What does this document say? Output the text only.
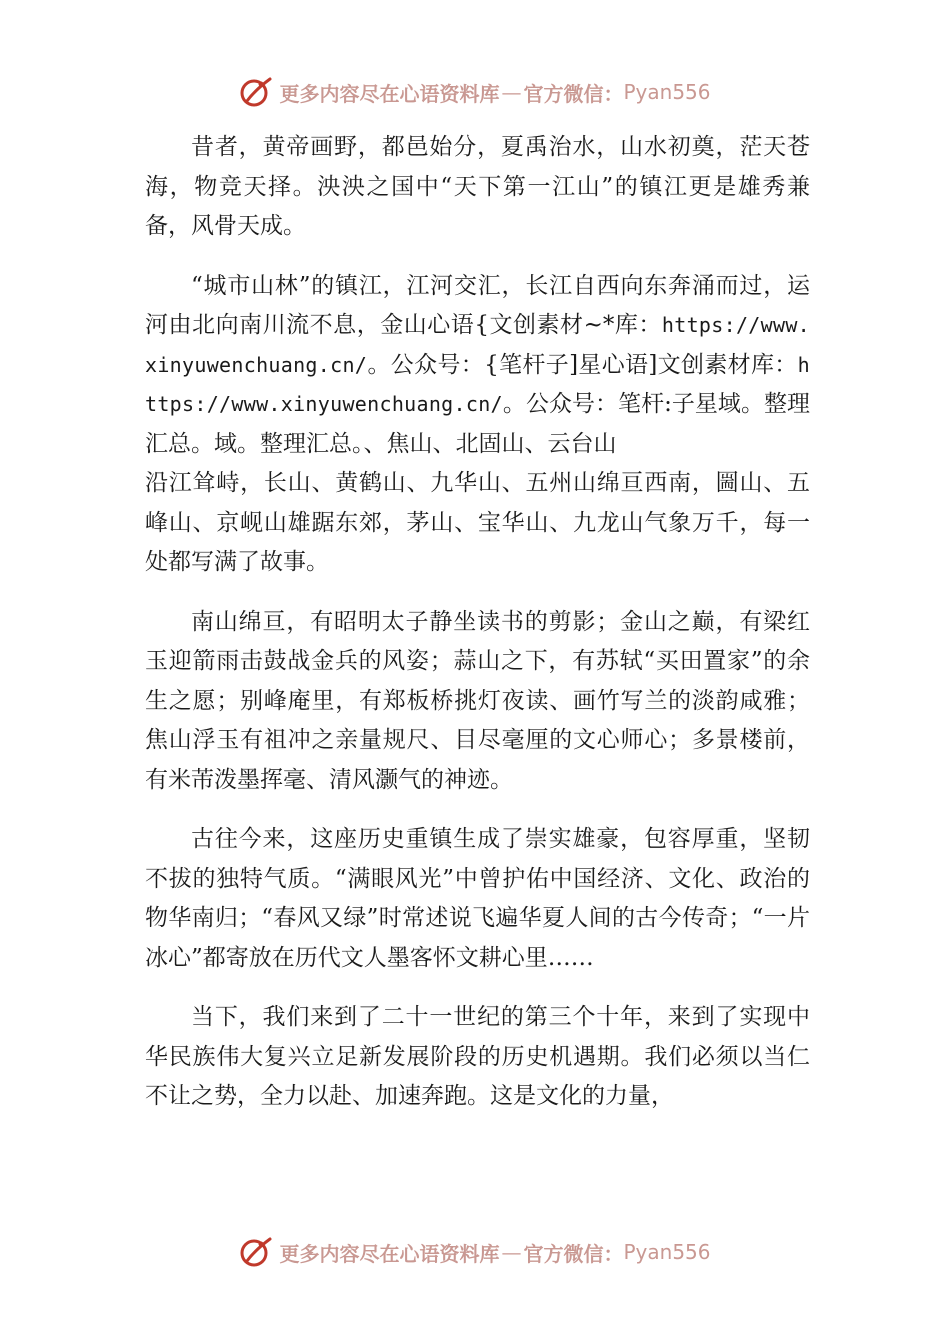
更多内容尽在心语资料库 — 官方微信： Pyan556

昔者，黄帝画野，都邑始分，夏禹治水，山水初奠，茫天苍海，物竞天择。泱泱之国中“天下第一江山”的镇江更是雄秀兼备，风骨天成。

“城市山林”的镇江，江河交汇，长江自西向东奔涌而过，运河由北向南川流不息，金山心语{文创素材~*库：https://www.xinyuwenchuang.cn/。公众号：{笔杆子]星心语]文创素材库：https://www.xinyuwenchuang.cn/。公众号：笔杆:子星域。整理汇总。域。整理汇总。、焦山、北固山、云台山

沿江耸峙，长山、黄鹤山、九华山、五州山绵亘西南，圌山、五峰山、京岘山雄踞东郊，茅山、宝华山、九龙山气象万千，每一处都写满了故事。

南山绵亘，有昭明太子静坐读书的剪影；金山之巅，有梁红玉迎箭雨击鼓战金兵的风姿；蒜山之下，有苏轼“买田置家”的余生之愿；别峰庵里，有郑板桥挑灯夜读、画竹写兰的淡韵咸雅；焦山浮玉有祖冲之亲量规尺、目尽毫厘的文心师心；多景楼前，有米芾泼墨挥毫、清风灏气的神迹。

古往今来，这座历史重镇生成了崇实雄豪，包容厚重，坚韧不拔的独特气质。“满眼风光”中曾护佑中国经济、文化、政治的物华南归；“春风又绿”时常述说飞遍华夏人间的古今传奇；“一片冰心”都寄放在历代文人墨客怀文耕心里……

当下，我们来到了二十一世纪的第三个十年，来到了实现中华民族伟大复兴立足新发展阶段的历史机遇期。我们必须以当仁不让之势，全力以赴、加速奔跑。这是文化的力量，

更多内容尽在心语资料库 — 官方微信： Pyan556
